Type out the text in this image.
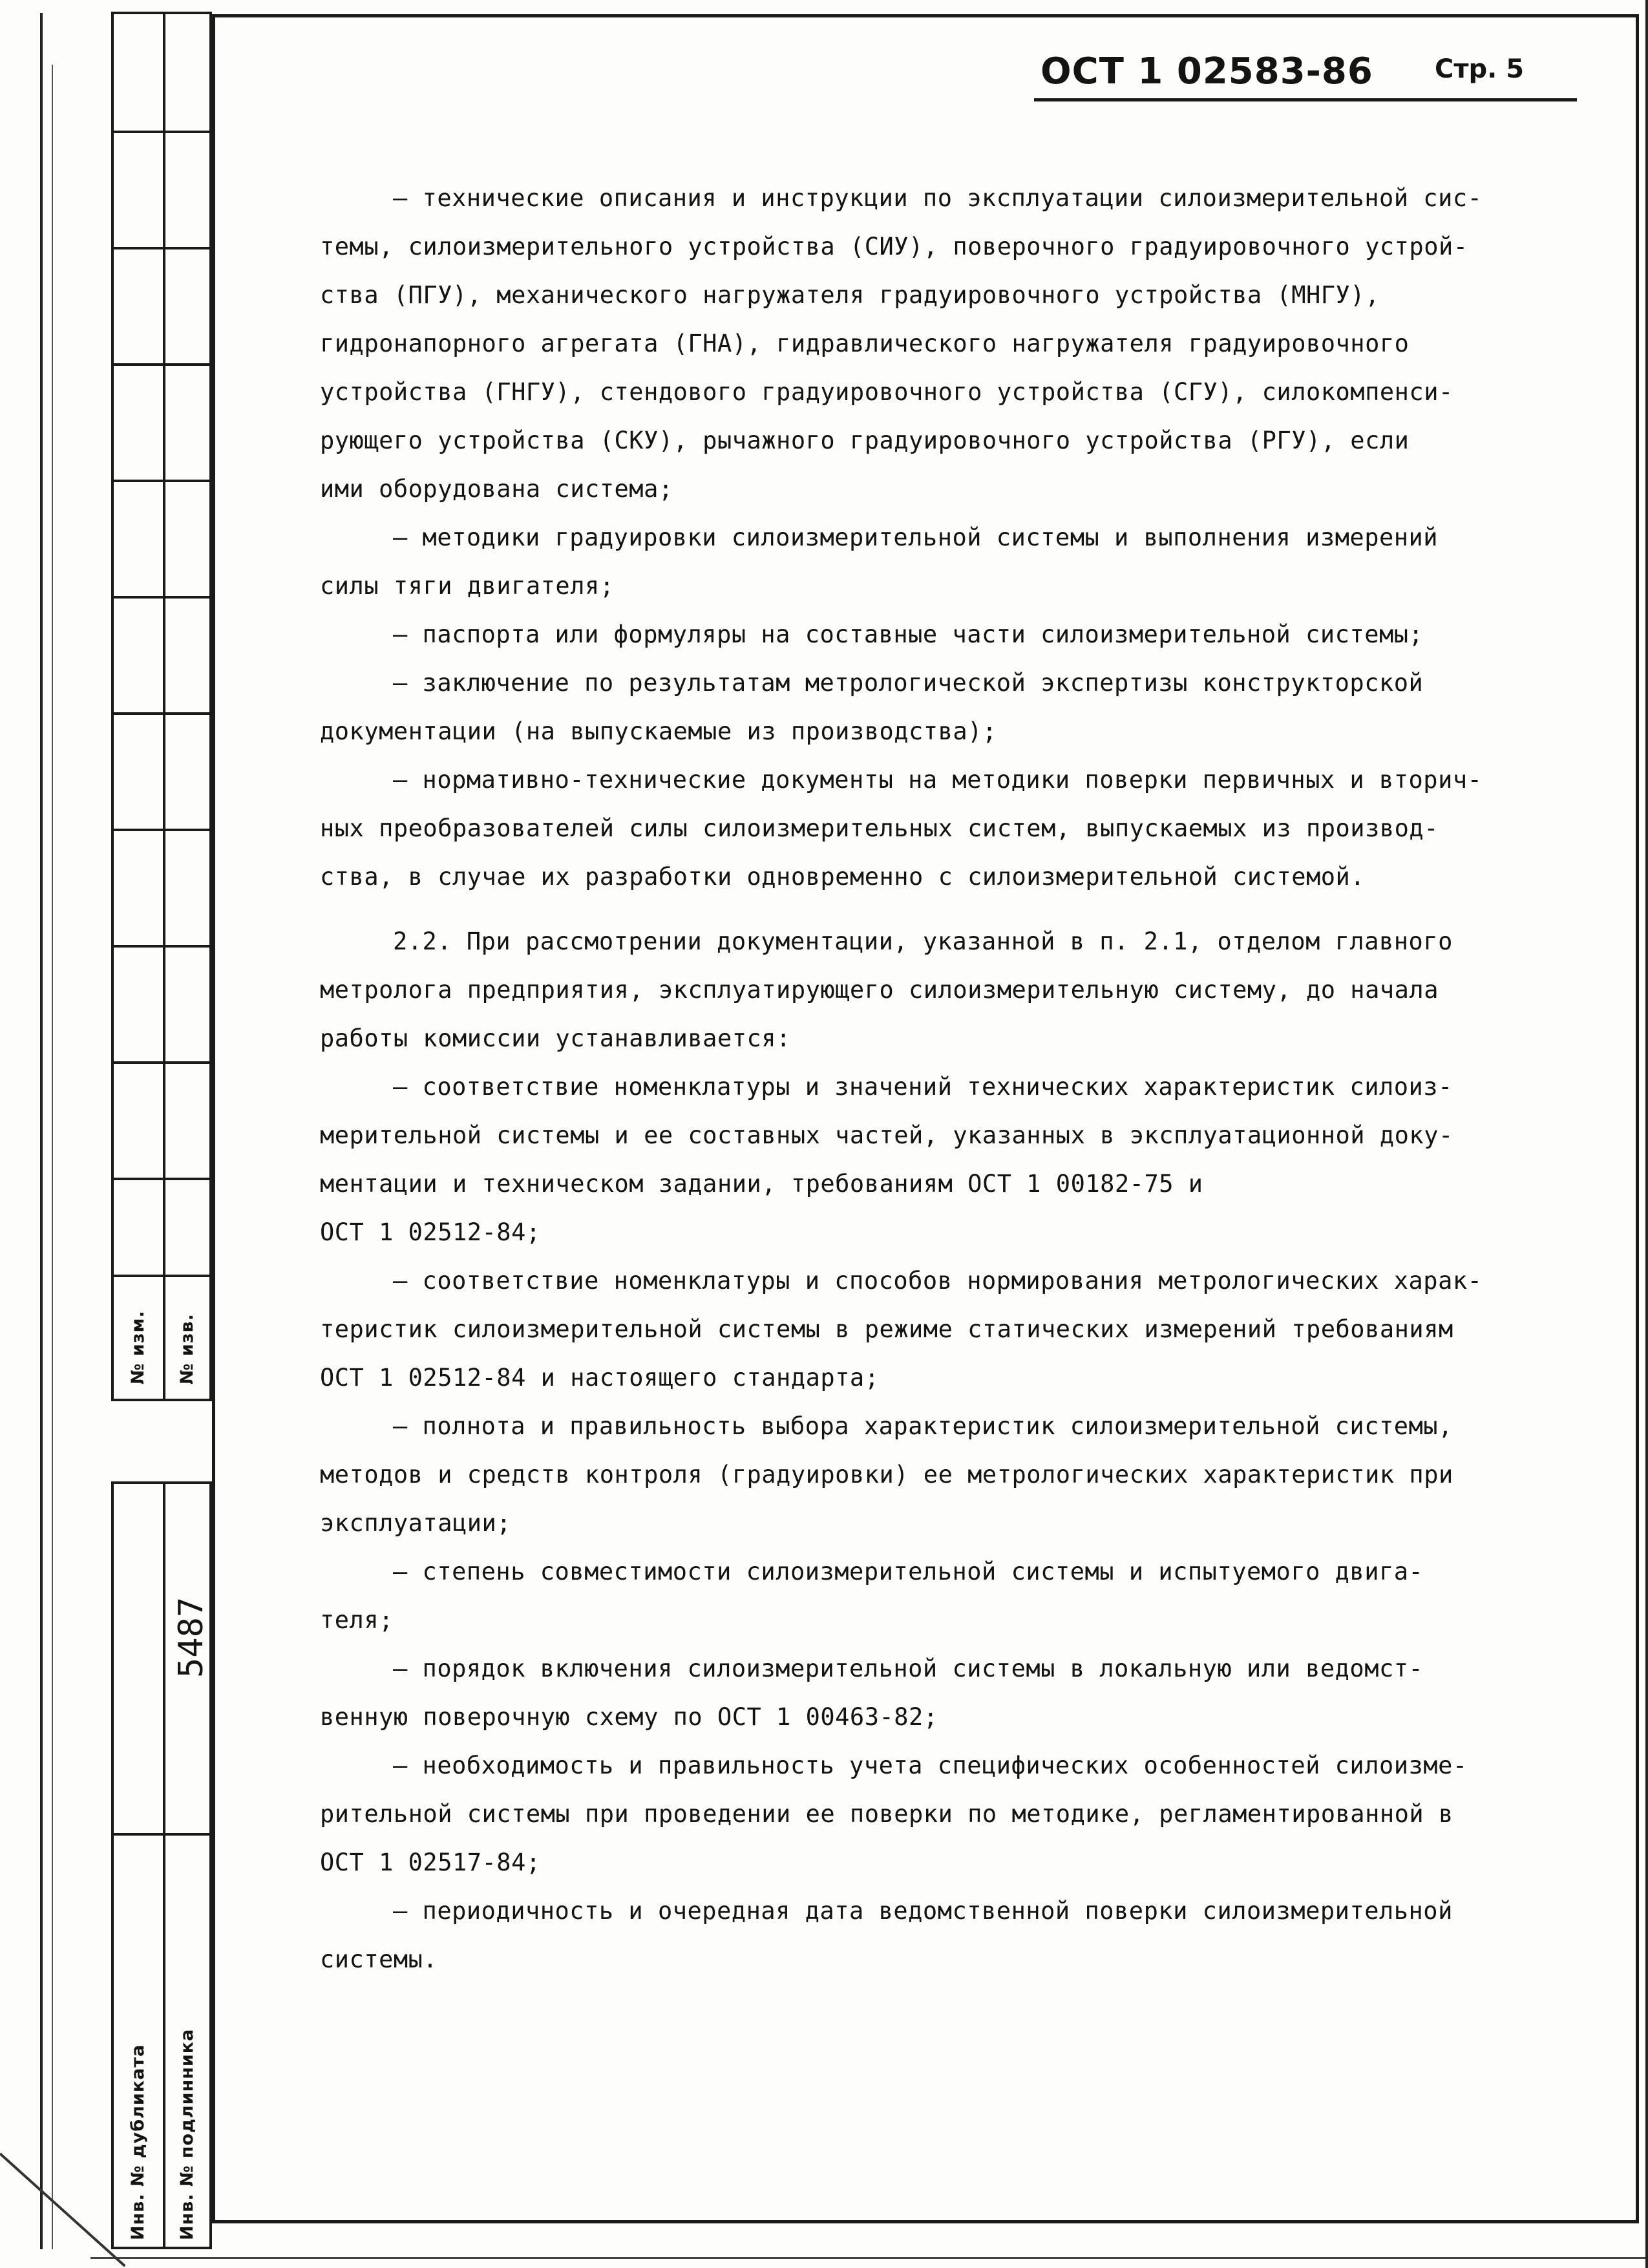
№ изм. № изв.
Инв. № дубликата
5487
Инв. № подлинника
ОСТ 1 02583-86 Стр. 5
– технические описания и инструкции по эксплуатации силоизмерительной сис-
темы, силоизмерительного устройства (СИУ), поверочного градуировочного устрой-
ства (ПГУ), механического нагружателя градуировочного устройства (МНГУ),
гидронапорного агрегата (ГНА), гидравлического нагружателя градуировочного
устройства (ГНГУ), стендового градуировочного устройства (СГУ), силокомпенси-
рующего устройства (СКУ), рычажного градуировочного устройства (РГУ), если
ими оборудована система;
– методики градуировки силоизмерительной системы и выполнения измерений
силы тяги двигателя;
– паспорта или формуляры на составные части силоизмерительной системы;
– заключение по результатам метрологической экспертизы конструкторской
документации (на выпускаемые из производства);
– нормативно-технические документы на методики поверки первичных и вторич-
ных преобразователей силы силоизмерительных систем, выпускаемых из производ-
ства, в случае их разработки одновременно с силоизмерительной системой.
2.2. При рассмотрении документации, указанной в п. 2.1, отделом главного
метролога предприятия, эксплуатирующего силоизмерительную систему, до начала
работы комиссии устанавливается:
– соответствие номенклатуры и значений технических характеристик силоиз-
мерительной системы и ее составных частей, указанных в эксплуатационной доку-
ментации и техническом задании, требованиям ОСТ 1 00182-75 и
ОСТ 1 02512-84;
– соответствие номенклатуры и способов нормирования метрологических харак-
теристик силоизмерительной системы в режиме статических измерений требованиям
ОСТ 1 02512-84 и настоящего стандарта;
– полнота и правильность выбора характеристик силоизмерительной системы,
методов и средств контроля (градуировки) ее метрологических характеристик при
эксплуатации;
– степень совместимости силоизмерительной системы и испытуемого двига-
теля;
– порядок включения силоизмерительной системы в локальную или ведомст-
венную поверочную схему по ОСТ 1 00463-82;
– необходимость и правильность учета специфических особенностей силоизме-
рительной системы при проведении ее поверки по методике, регламентированной в
ОСТ 1 02517-84;
– периодичность и очередная дата ведомственной поверки силоизмерительной
системы.
